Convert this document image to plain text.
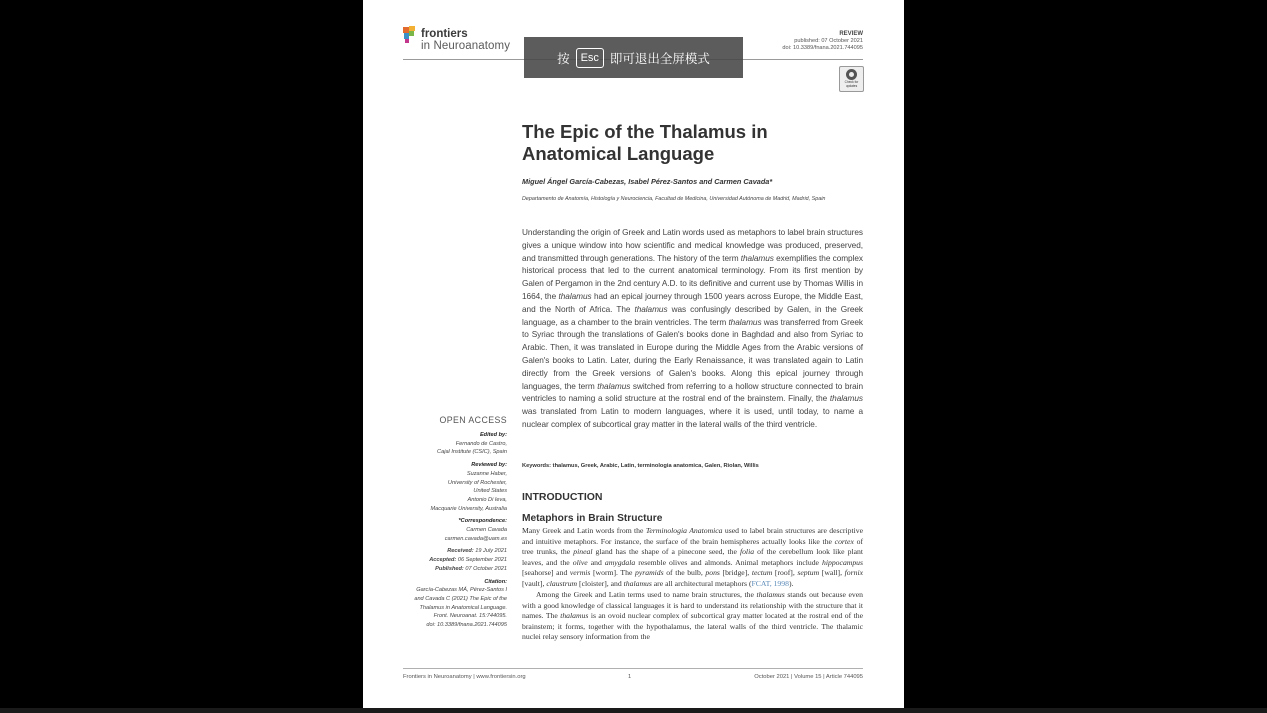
frontiers
in Neuroanatomy
REVIEW
published: 07 October 2021
doi: 10.3389/fnana.2021.744095
Check for updates
按	Esc 即可退出全屏模式
The Epic of the Thalamus in Anatomical Language
Miguel Ángel García-Cabezas, Isabel Pérez-Santos and Carmen Cavada*
Departamento de Anatomía, Histología y Neurociencia, Facultad de Medicina, Universidad Autónoma de Madrid, Madrid, Spain
Understanding the origin of Greek and Latin words used as metaphors to label brain structures gives a unique window into how scientific and medical knowledge was produced, preserved, and transmitted through generations. The history of the term thalamus exemplifies the complex historical process that led to the current anatomical terminology. From its first mention by Galen of Pergamon in the 2nd century A.D. to its definitive and current use by Thomas Willis in 1664, the thalamus had an epical journey through 1500 years across Europe, the Middle East, and the North of Africa. The thalamus was confusingly described by Galen, in the Greek language, as a chamber to the brain ventricles. The term thalamus was transferred from Greek to Syriac through the translations of Galen's books done in Baghdad and also from Syriac to Arabic. Then, it was translated in Europe during the Middle Ages from the Arabic versions of Galen's books to Latin. Later, during the Early Renaissance, it was translated again to Latin directly from the Greek versions of Galen's books. Along this epical journey through languages, the term thalamus switched from referring to a hollow structure connected to brain ventricles to naming a solid structure at the rostral end of the brainstem. Finally, the thalamus was translated from Latin to modern languages, where it is used, until today, to name a nuclear complex of subcortical gray matter in the lateral walls of the third ventricle.
Keywords: thalamus, Greek, Arabic, Latin, terminologia anatomica, Galen, Riolan, Willis
INTRODUCTION
Metaphors in Brain Structure

Many Greek and Latin words from the Terminologia Anatomica used to label brain structures are descriptive and intuitive metaphors. For instance, the surface of the brain hemispheres actually looks like the cortex of tree trunks, the pineal gland has the shape of a pinecone seed, the folia of the cerebellum look like plant leaves, and the olive and amygdala resemble olives and almonds. Animal metaphors include hippocampus [seahorse] and vermis [worm]. The pyramids of the bulb, pons [bridge], tectum [roof], septum [wall], fornix [vault], claustrum [cloister], and thalamus are all architectural metaphors (FCAT, 1998).

Among the Greek and Latin terms used to name brain structures, the thalamus stands out because even with a good knowledge of classical languages it is hard to understand its relationship with the structure that it names. The thalamus is an ovoid nuclear complex of subcortical gray matter located at the rostral end of the brainstem; it forms, together with the hypothalamus, the lateral walls of the third ventricle. The thalamic nuclei relay sensory information from the

OPEN ACCESS
Edited by:
Fernando de Castro,
Cajal Institute (CSIC), Spain
Reviewed by:
Suzanne Haber,
University of Rochester,
United States
Antonio Di Ieva,
Macquarie University, Australia
*Correspondence:
Carmen Cavada
carmen.cavada@uam.es
Received: 19 July 2021
Accepted: 06 September 2021
Published: 07 October 2021
Citation:
García-Cabezas MÁ, Pérez-Santos I
and Cavada C (2021) The Epic of the
Thalamus in Anatomical Language.
Front. Neuroanat. 15:744095.
doi: 10.3389/fnana.2021.744095
Frontiers in Neuroanatomy | www.frontiersin.org	1	October 2021 | Volume 15 | Article 744095
